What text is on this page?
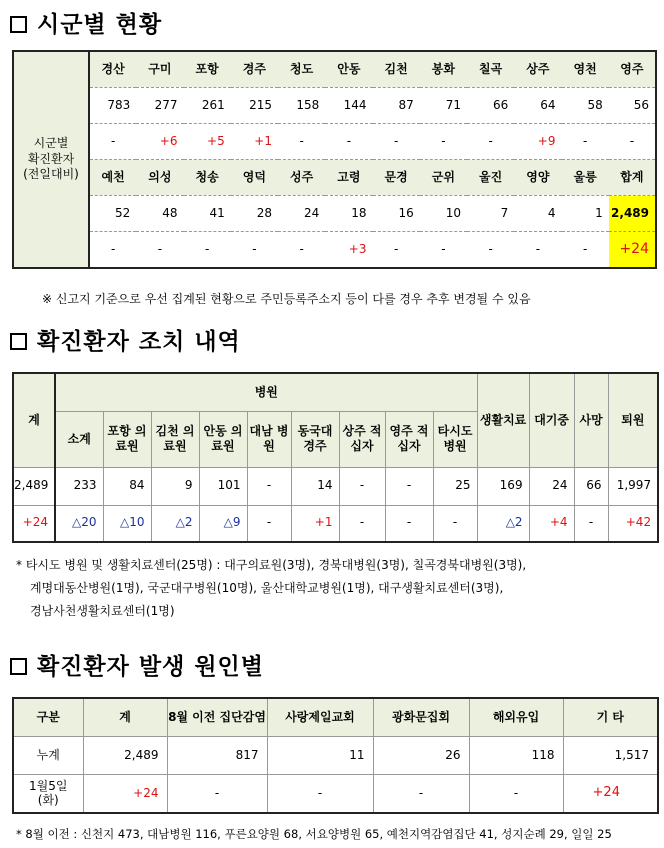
시군별 현황
시군별
확진환자
(전일대비)	경산	구미	포항	경주	청도	안동	김천	봉화	칠곡	상주	영천	영주
	783	277	261	215	158	144	87	71	66	64	58	56
	-	+6	+5	+1	-	-	-	-	-	+9	-	-
	예천	의성	청송	영덕	성주	고령	문경	군위	울진	영양	울릉	합계
	52	48	41	28	24	18	16	10	7	4	1	2,489
	-	-	-	-	-	+3	-	-	-	-	-	+24
※ 신고지 기준으로 우선 집계된 현황으로 주민등록주소지 등이 다를 경우 추후 변경될 수 있음
확진환자 조치 내역
계	병원									생활치료	대기중	사망	퇴원
	소계	포항 의료원	김천 의료원	안동 의료원	대남 병원	동국대 경주	상주 적십자	영주 적십자	타시도 병원				
2,489	233	84	9	101	-	14	-	-	25	169	24	66	1,997
+24	△20	△10	△2	△9	-	+1	-	-	-	△2	+4	-	+42
* 타시도 병원 및 생활치료센터(25명) : 대구의료원(3명), 경북대병원(3명), 칠곡경북대병원(3명),
계명대동산병원(1명), 국군대구병원(10명), 울산대학교병원(1명), 대구생활치료센터(3명),
경남사천생활치료센터(1명)
확진환자 발생 원인별
구분	계	8월 이전 집단감염	사랑제일교회	광화문집회	해외유입	기 타
누계	2,489	817	11	26	118	1,517
1월5일 (화)	+24	-	-	-	-	+24
* 8월 이전 : 신천지 473, 대남병원 116, 푸른요양원 68, 서요양병원 65, 예천지역감염집단 41, 성지순례 29, 일일 25
